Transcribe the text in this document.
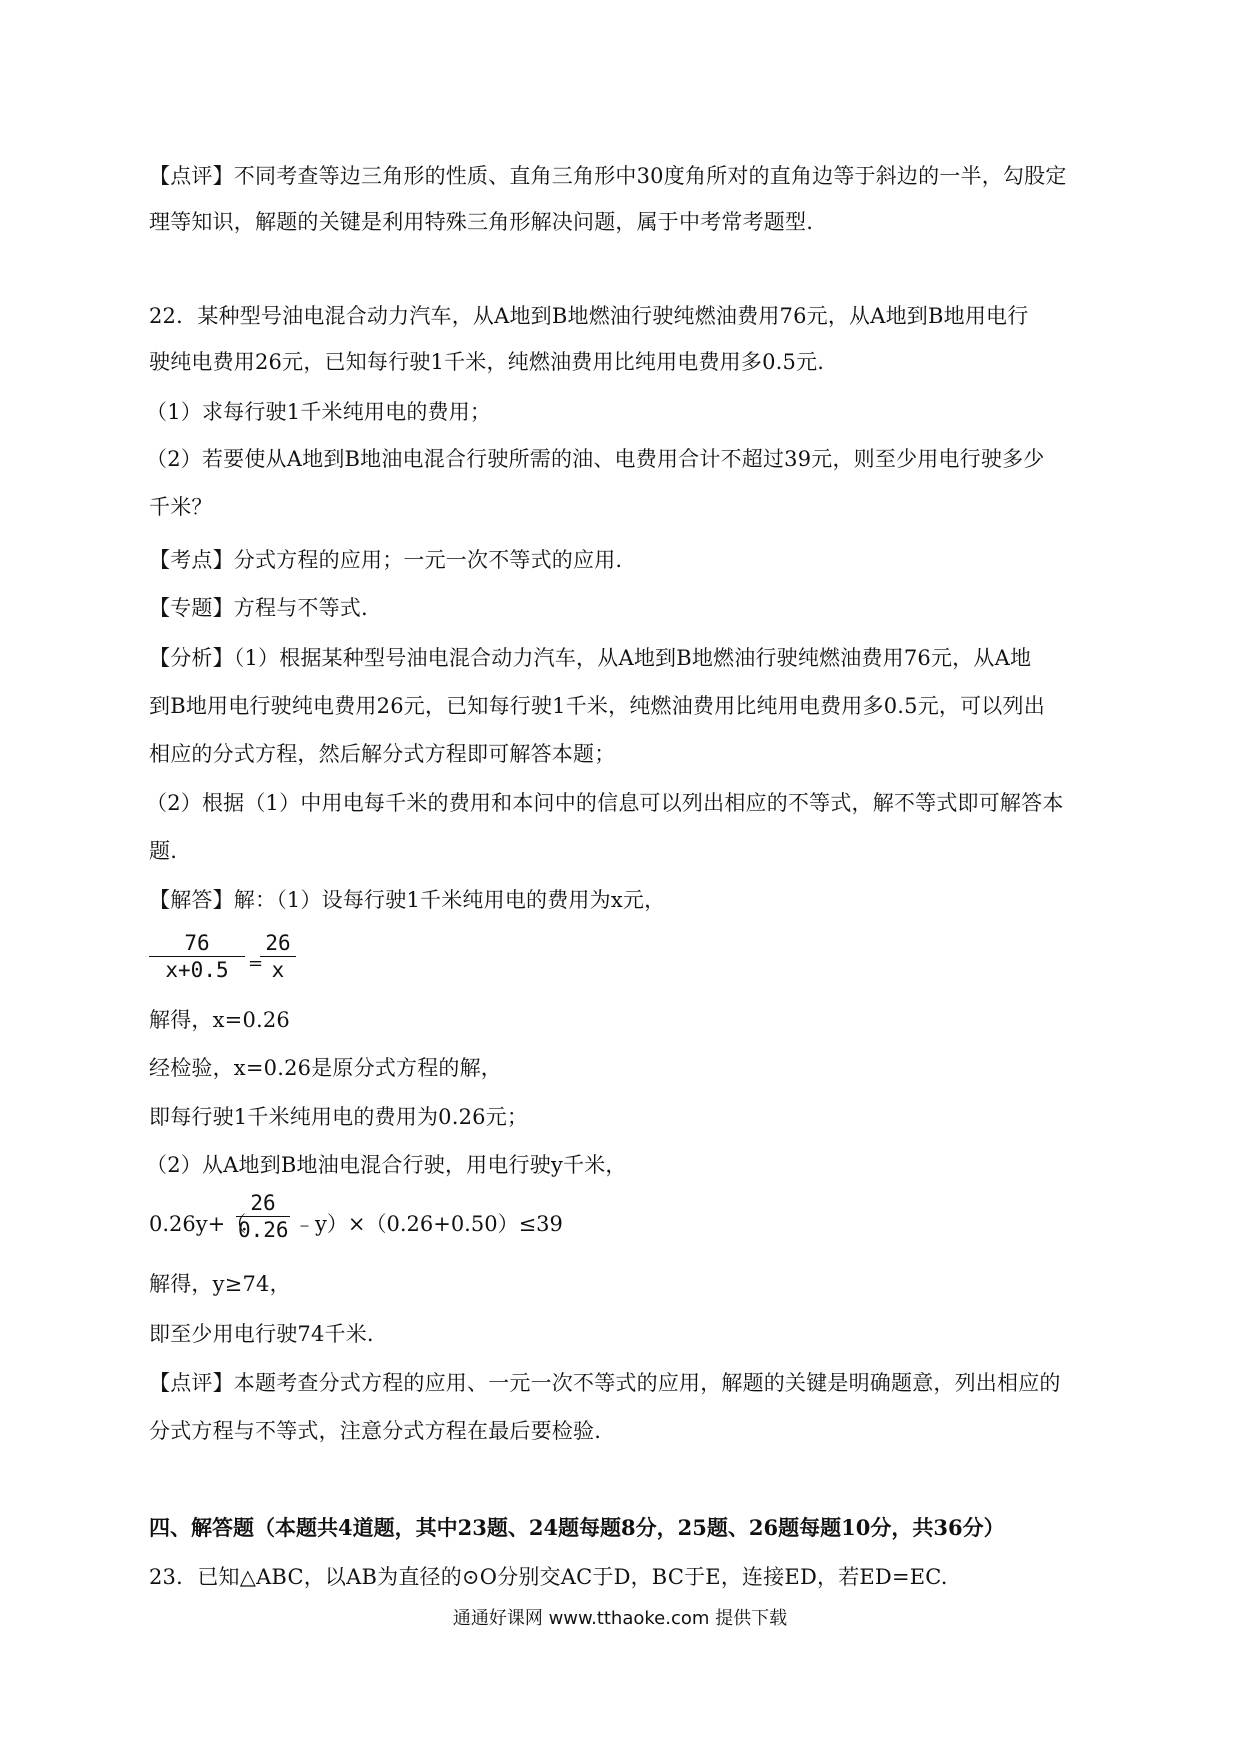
【点评】不同考查等边三角形的性质、直角三角形中30度角所对的直角边等于斜边的一半，勾股定
理等知识，解题的关键是利用特殊三角形解决问题，属于中考常考题型.
22．某种型号油电混合动力汽车，从A地到B地燃油行驶纯燃油费用76元，从A地到B地用电行
驶纯电费用26元，已知每行驶1千米，纯燃油费用比纯用电费用多0.5元.
（1）求每行驶1千米纯用电的费用；
（2）若要使从A地到B地油电混合行驶所需的油、电费用合计不超过39元，则至少用电行驶多少
千米？
【考点】分式方程的应用；一元一次不等式的应用.
【专题】方程与不等式.
【分析】（1）根据某种型号油电混合动力汽车，从A地到B地燃油行驶纯燃油费用76元，从A地
到B地用电行驶纯电费用26元，已知每行驶1千米，纯燃油费用比纯用电费用多0.5元，可以列出
相应的分式方程，然后解分式方程即可解答本题；
（2）根据（1）中用电每千米的费用和本问中的信息可以列出相应的不等式，解不等式即可解答本
题.
【解答】解：（1）设每行驶1千米纯用电的费用为x元，
$\frac{76}{x+0.5}$ =
$\frac{26}{x}$
解得，x=0.26
经检验，x=0.26是原分式方程的解，
即每行驶1千米纯用电的费用为0.26元；
（2）从A地到B地油电混合行驶，用电行驶y千米，
0.26y+（
$\frac{26}{0.26}$ ﹣y）×（0.26+0.50）≤39
解得，y≥74，
即至少用电行驶74千米.
【点评】本题考查分式方程的应用、一元一次不等式的应用，解题的关键是明确题意，列出相应的
分式方程与不等式，注意分式方程在最后要检验.
四、解答题（本题共4道题，其中23题、24题每题8分，25题、26题每题10分，共36分）
23．已知△ABC，以AB为直径的⊙O分别交AC于D，BC于E，连接ED，若ED=EC.
通通好课网 www.tthaoke.com 提供下载
